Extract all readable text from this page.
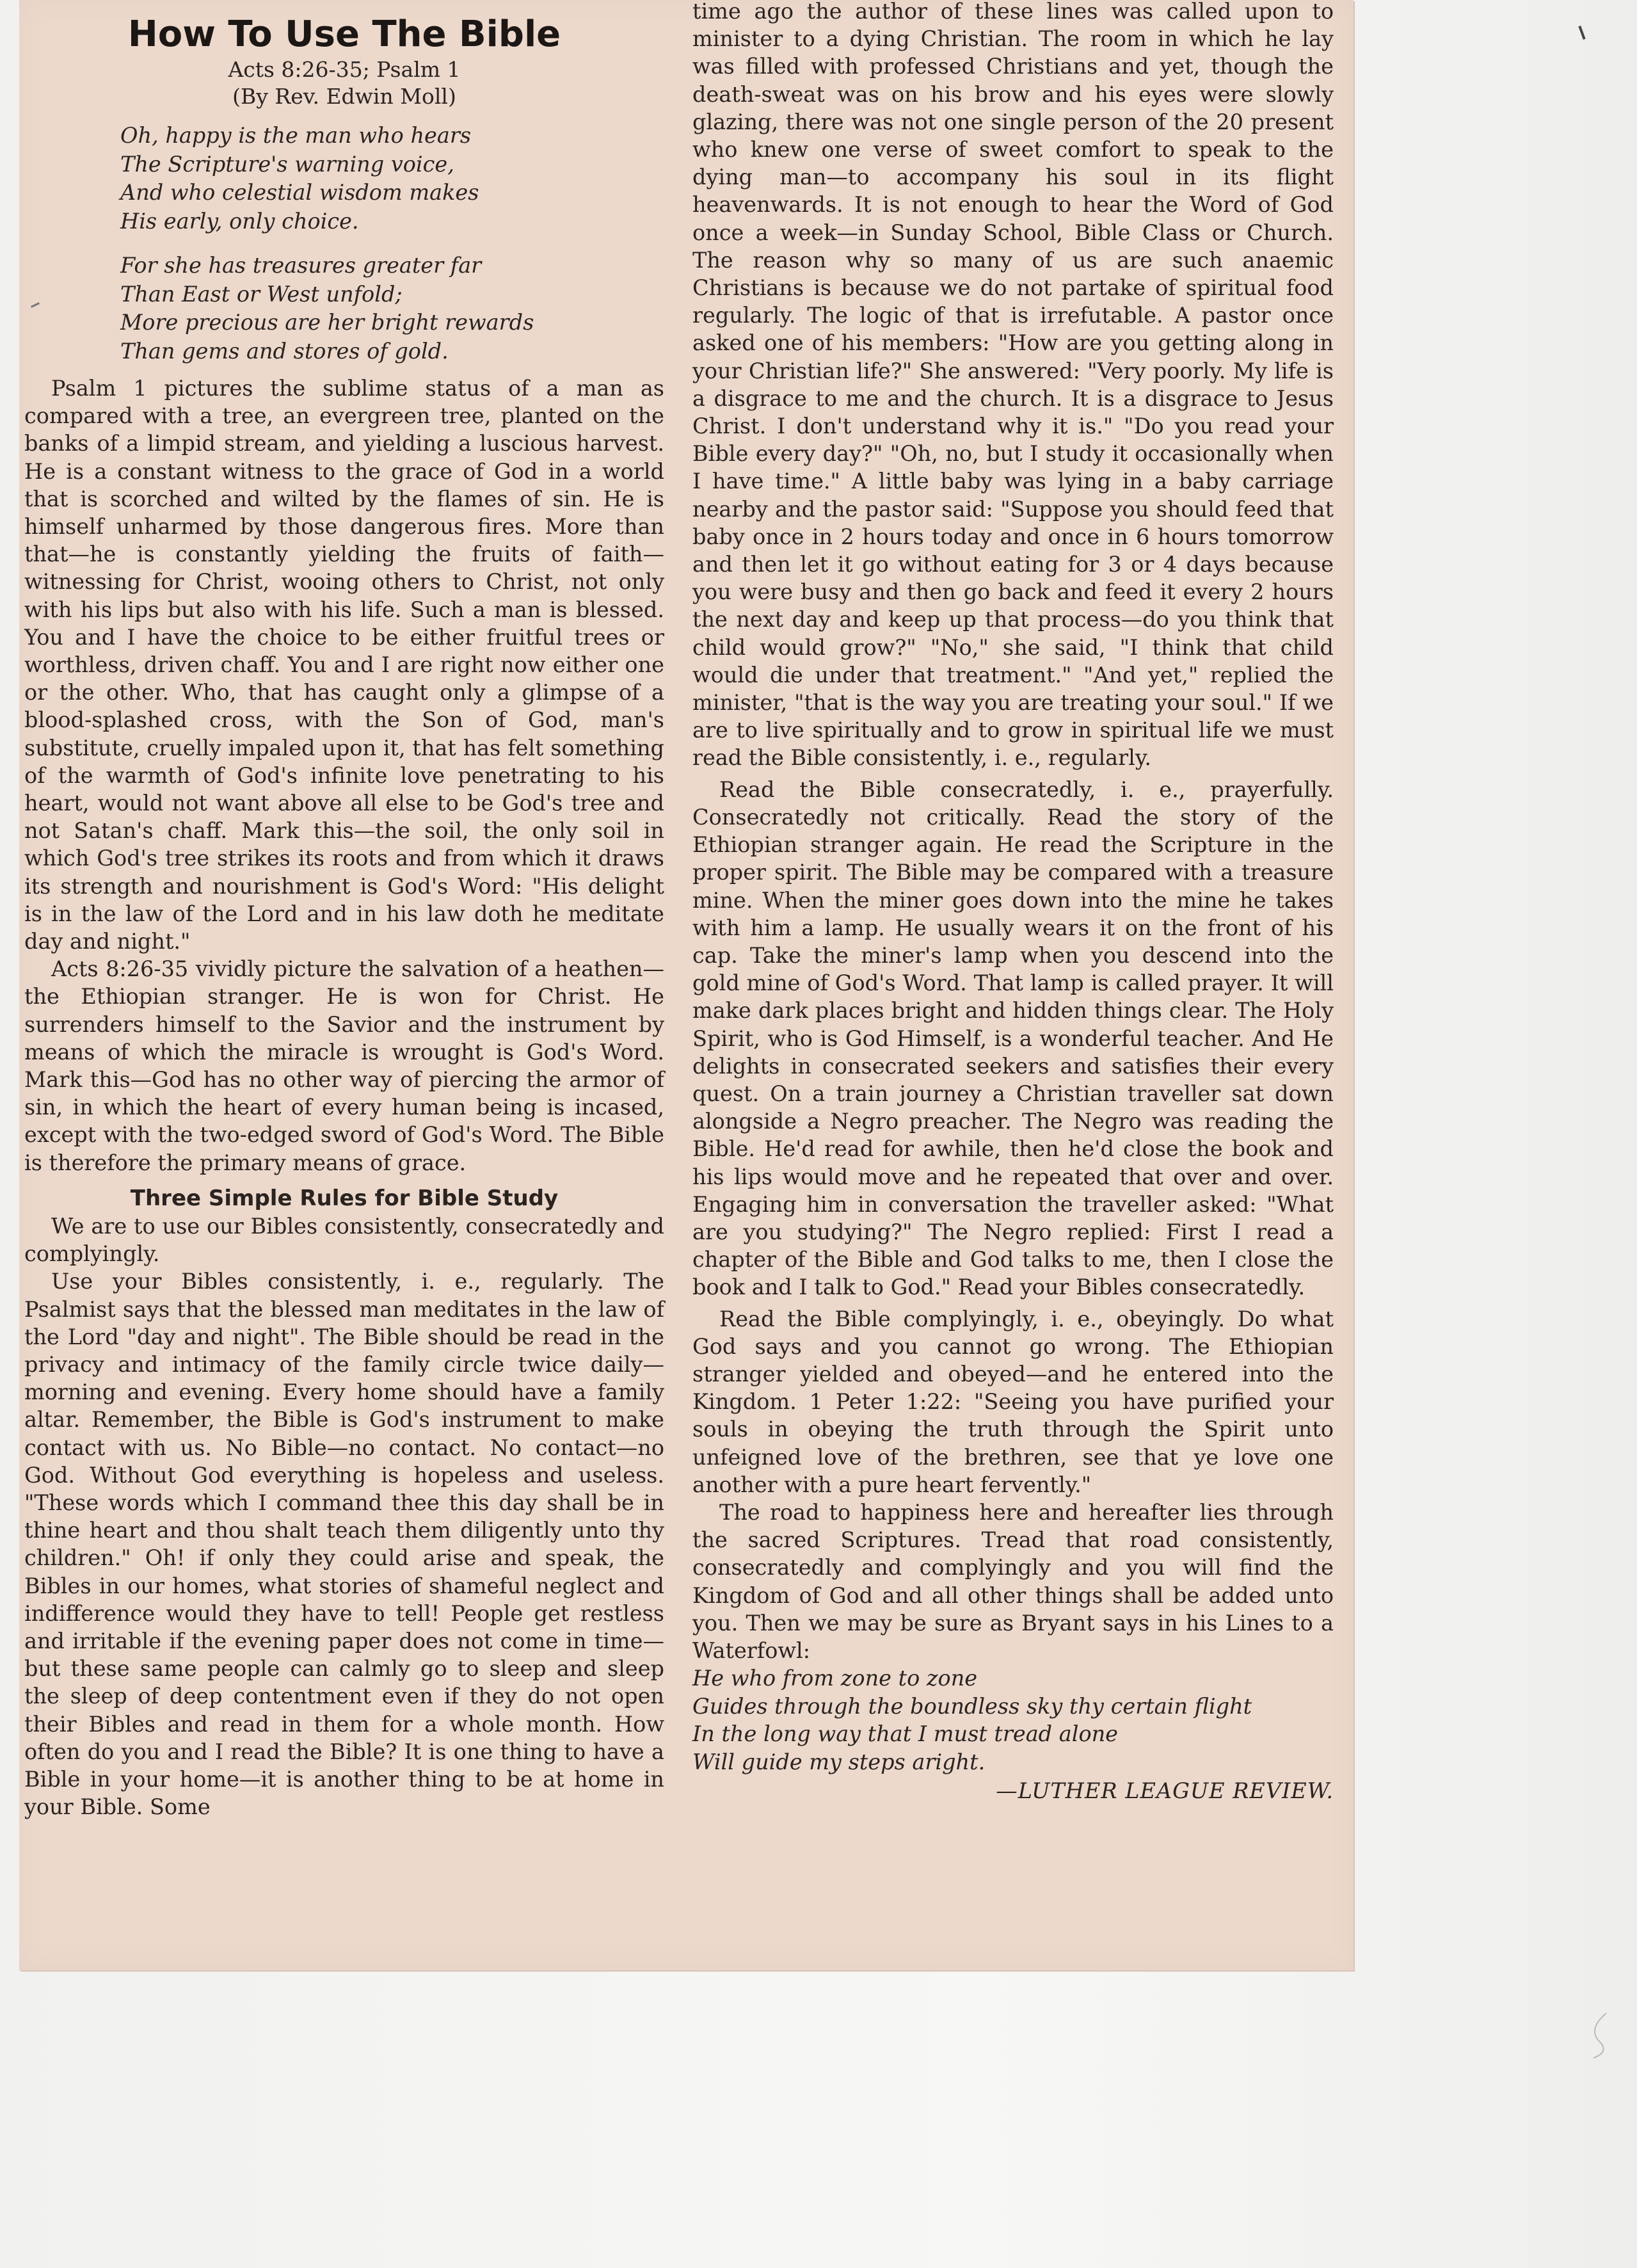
How To Use The Bible
Acts 8:26-35; Psalm 1
(By Rev. Edwin Moll)

Oh, happy is the man who hears

The Scripture's warning voice,

And who celestial wisdom makes

His early, only choice.

For she has treasures greater far

Than East or West unfold;

More precious are her bright rewards

Than gems and stores of gold.

Psalm 1 pictures the sublime status of a man as compared with a tree, an evergreen tree, planted on the banks of a limpid stream, and yielding a luscious harvest. He is a constant witness to the grace of God in a world that is scorched and wilted by the flames of sin. He is himself unharmed by those dangerous fires. More than that—he is constantly yielding the fruits of faith—witnessing for Christ, wooing others to Christ, not only with his lips but also with his life. Such a man is blessed. You and I have the choice to be either fruitful trees or worthless, driven chaff. You and I are right now either one or the other. Who, that has caught only a glimpse of a blood-splashed cross, with the Son of God, man's substitute, cruelly impaled upon it, that has felt something of the warmth of God's infinite love penetrating to his heart, would not want above all else to be God's tree and not Satan's chaff. Mark this—the soil, the only soil in which God's tree strikes its roots and from which it draws its strength and nourishment is God's Word: "His delight is in the law of the Lord and in his law doth he meditate day and night."

Acts 8:26-35 vividly picture the salvation of a heathen—the Ethiopian stranger. He is won for Christ. He surrenders himself to the Savior and the instrument by means of which the miracle is wrought is God's Word. Mark this—God has no other way of piercing the armor of sin, in which the heart of every human being is incased, except with the two-edged sword of God's Word. The Bible is therefore the primary means of grace.

Three Simple Rules for Bible Study

We are to use our Bibles consistently, consecratedly and complyingly.

Use your Bibles consistently, i. e., regularly. The Psalmist says that the blessed man meditates in the law of the Lord "day and night". The Bible should be read in the privacy and intimacy of the family circle twice daily—morning and evening. Every home should have a family altar. Remember, the Bible is God's instrument to make contact with us. No Bible—no contact. No contact—no God. Without God everything is hopeless and useless. "These words which I command thee this day shall be in thine heart and thou shalt teach them diligently unto thy children." Oh! if only they could arise and speak, the Bibles in our homes, what stories of shameful neglect and indifference would they have to tell! People get restless and irritable if the evening paper does not come in time—but these same people can calmly go to sleep and sleep the sleep of deep contentment even if they do not open their Bibles and read in them for a whole month. How often do you and I read the Bible? It is one thing to have a Bible in your home—it is another thing to be at home in your Bible. Some

time ago the author of these lines was called upon to minister to a dying Christian. The room in which he lay was filled with professed Christians and yet, though the death-sweat was on his brow and his eyes were slowly glazing, there was not one single person of the 20 present who knew one verse of sweet comfort to speak to the dying man—to accompany his soul in its flight heavenwards. It is not enough to hear the Word of God once a week—in Sunday School, Bible Class or Church. The reason why so many of us are such anaemic Christians is because we do not partake of spiritual food regularly. The logic of that is irrefutable. A pastor once asked one of his members: "How are you getting along in your Christian life?" She answered: "Very poorly. My life is a disgrace to me and the church. It is a disgrace to Jesus Christ. I don't understand why it is." "Do you read your Bible every day?" "Oh, no, but I study it occasionally when I have time." A little baby was lying in a baby carriage nearby and the pastor said: "Suppose you should feed that baby once in 2 hours today and once in 6 hours tomorrow and then let it go without eating for 3 or 4 days because you were busy and then go back and feed it every 2 hours the next day and keep up that process—do you think that child would grow?" "No," she said, "I think that child would die under that treatment." "And yet," replied the minister, "that is the way you are treating your soul." If we are to live spiritually and to grow in spiritual life we must read the Bible consistently, i. e., regularly.

Read the Bible consecratedly, i. e., prayerfully. Consecratedly not critically. Read the story of the Ethiopian stranger again. He read the Scripture in the proper spirit. The Bible may be compared with a treasure mine. When the miner goes down into the mine he takes with him a lamp. He usually wears it on the front of his cap. Take the miner's lamp when you descend into the gold mine of God's Word. That lamp is called prayer. It will make dark places bright and hidden things clear. The Holy Spirit, who is God Himself, is a wonderful teacher. And He delights in consecrated seekers and satisfies their every quest. On a train journey a Christian traveller sat down alongside a Negro preacher. The Negro was reading the Bible. He'd read for awhile, then he'd close the book and his lips would move and he repeated that over and over. Engaging him in conversation the traveller asked: "What are you studying?" The Negro replied: First I read a chapter of the Bible and God talks to me, then I close the book and I talk to God." Read your Bibles consecratedly.

Read the Bible complyingly, i. e., obeyingly. Do what God says and you cannot go wrong. The Ethiopian stranger yielded and obeyed—and he entered into the Kingdom. 1 Peter 1:22: "Seeing you have purified your souls in obeying the truth through the Spirit unto unfeigned love of the brethren, see that ye love one another with a pure heart fervently."

The road to happiness here and hereafter lies through the sacred Scriptures. Tread that road consistently, consecratedly and complyingly and you will find the Kingdom of God and all other things shall be added unto you. Then we may be sure as Bryant says in his Lines to a Waterfowl:

He who from zone to zone

Guides through the boundless sky thy certain flight

In the long way that I must tread alone

Will guide my steps aright.

—LUTHER LEAGUE REVIEW.
